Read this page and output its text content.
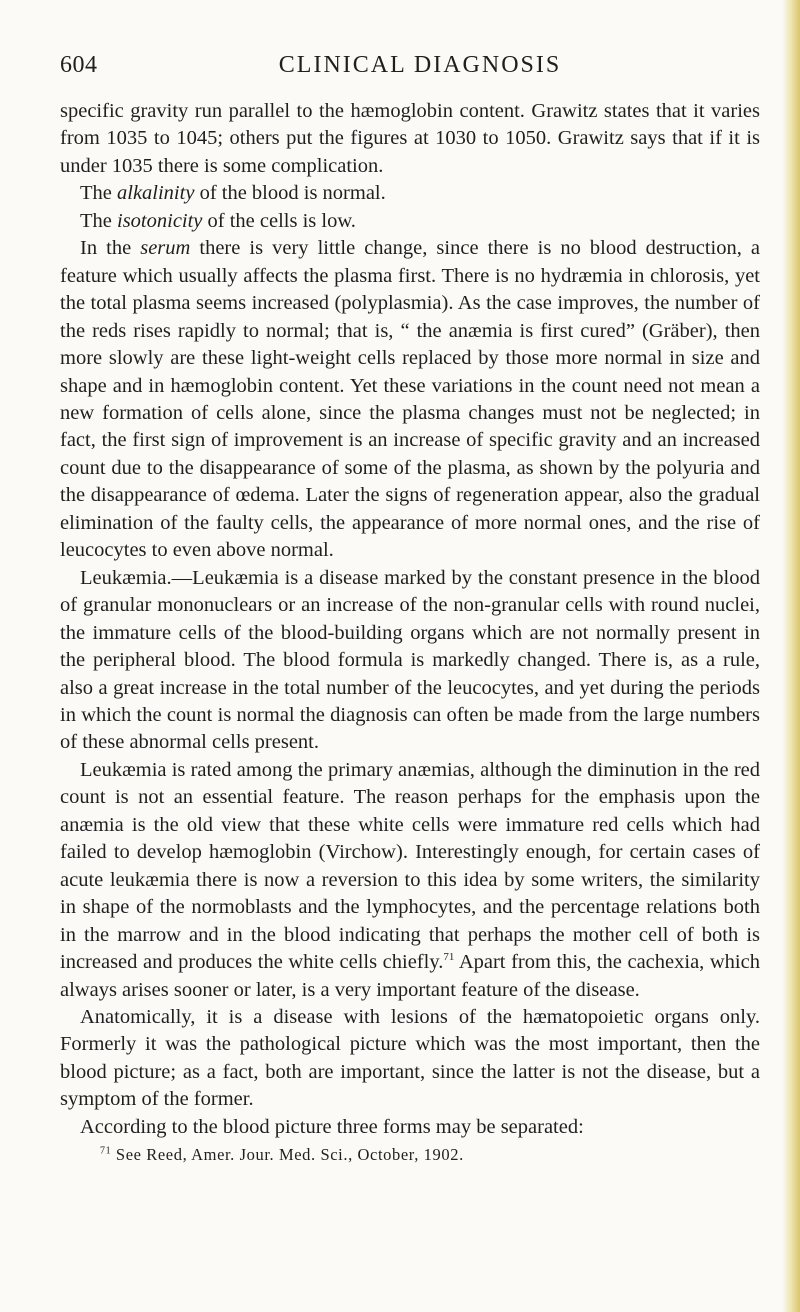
604	CLINICAL DIAGNOSIS

specific gravity run parallel to the hæmoglobin content. Grawitz states that it varies from 1035 to 1045; others put the figures at 1030 to 1050. Grawitz says that if it is under 1035 there is some complication.

The alkalinity of the blood is normal.

The isotonicity of the cells is low.

In the serum there is very little change, since there is no blood destruction, a feature which usually affects the plasma first. There is no hydræmia in chlorosis, yet the total plasma seems increased (polyplasmia). As the case improves, the number of the reds rises rapidly to normal; that is, “ the anæmia is first cured” (Gräber), then more slowly are these light-weight cells replaced by those more normal in size and shape and in hæmoglobin content. Yet these variations in the count need not mean a new formation of cells alone, since the plasma changes must not be neglected; in fact, the first sign of improvement is an increase of specific gravity and an increased count due to the disappearance of some of the plasma, as shown by the polyuria and the disappearance of œdema. Later the signs of regeneration appear, also the gradual elimination of the faulty cells, the appearance of more normal ones, and the rise of leucocytes to even above normal.

Leukæmia.—Leukæmia is a disease marked by the constant presence in the blood of granular mononuclears or an increase of the non-granular cells with round nuclei, the immature cells of the blood-building organs which are not normally present in the peripheral blood. The blood formula is markedly changed. There is, as a rule, also a great increase in the total number of the leucocytes, and yet during the periods in which the count is normal the diagnosis can often be made from the large numbers of these abnormal cells present.

Leukæmia is rated among the primary anæmias, although the diminution in the red count is not an essential feature. The reason perhaps for the emphasis upon the anæmia is the old view that these white cells were immature red cells which had failed to develop hæmoglobin (Virchow). Interestingly enough, for certain cases of acute leukæmia there is now a reversion to this idea by some writers, the similarity in shape of the normoblasts and the lymphocytes, and the percentage relations both in the marrow and in the blood indicating that perhaps the mother cell of both is increased and produces the white cells chiefly.$^{71}$ Apart from this, the cachexia, which always arises sooner or later, is a very important feature of the disease.

Anatomically, it is a disease with lesions of the hæmatopoietic organs only. Formerly it was the pathological picture which was the most important, then the blood picture; as a fact, both are important, since the latter is not the disease, but a symptom of the former.

According to the blood picture three forms may be separated:

$^{71}$ See Reed, Amer. Jour. Med. Sci., October, 1902.
